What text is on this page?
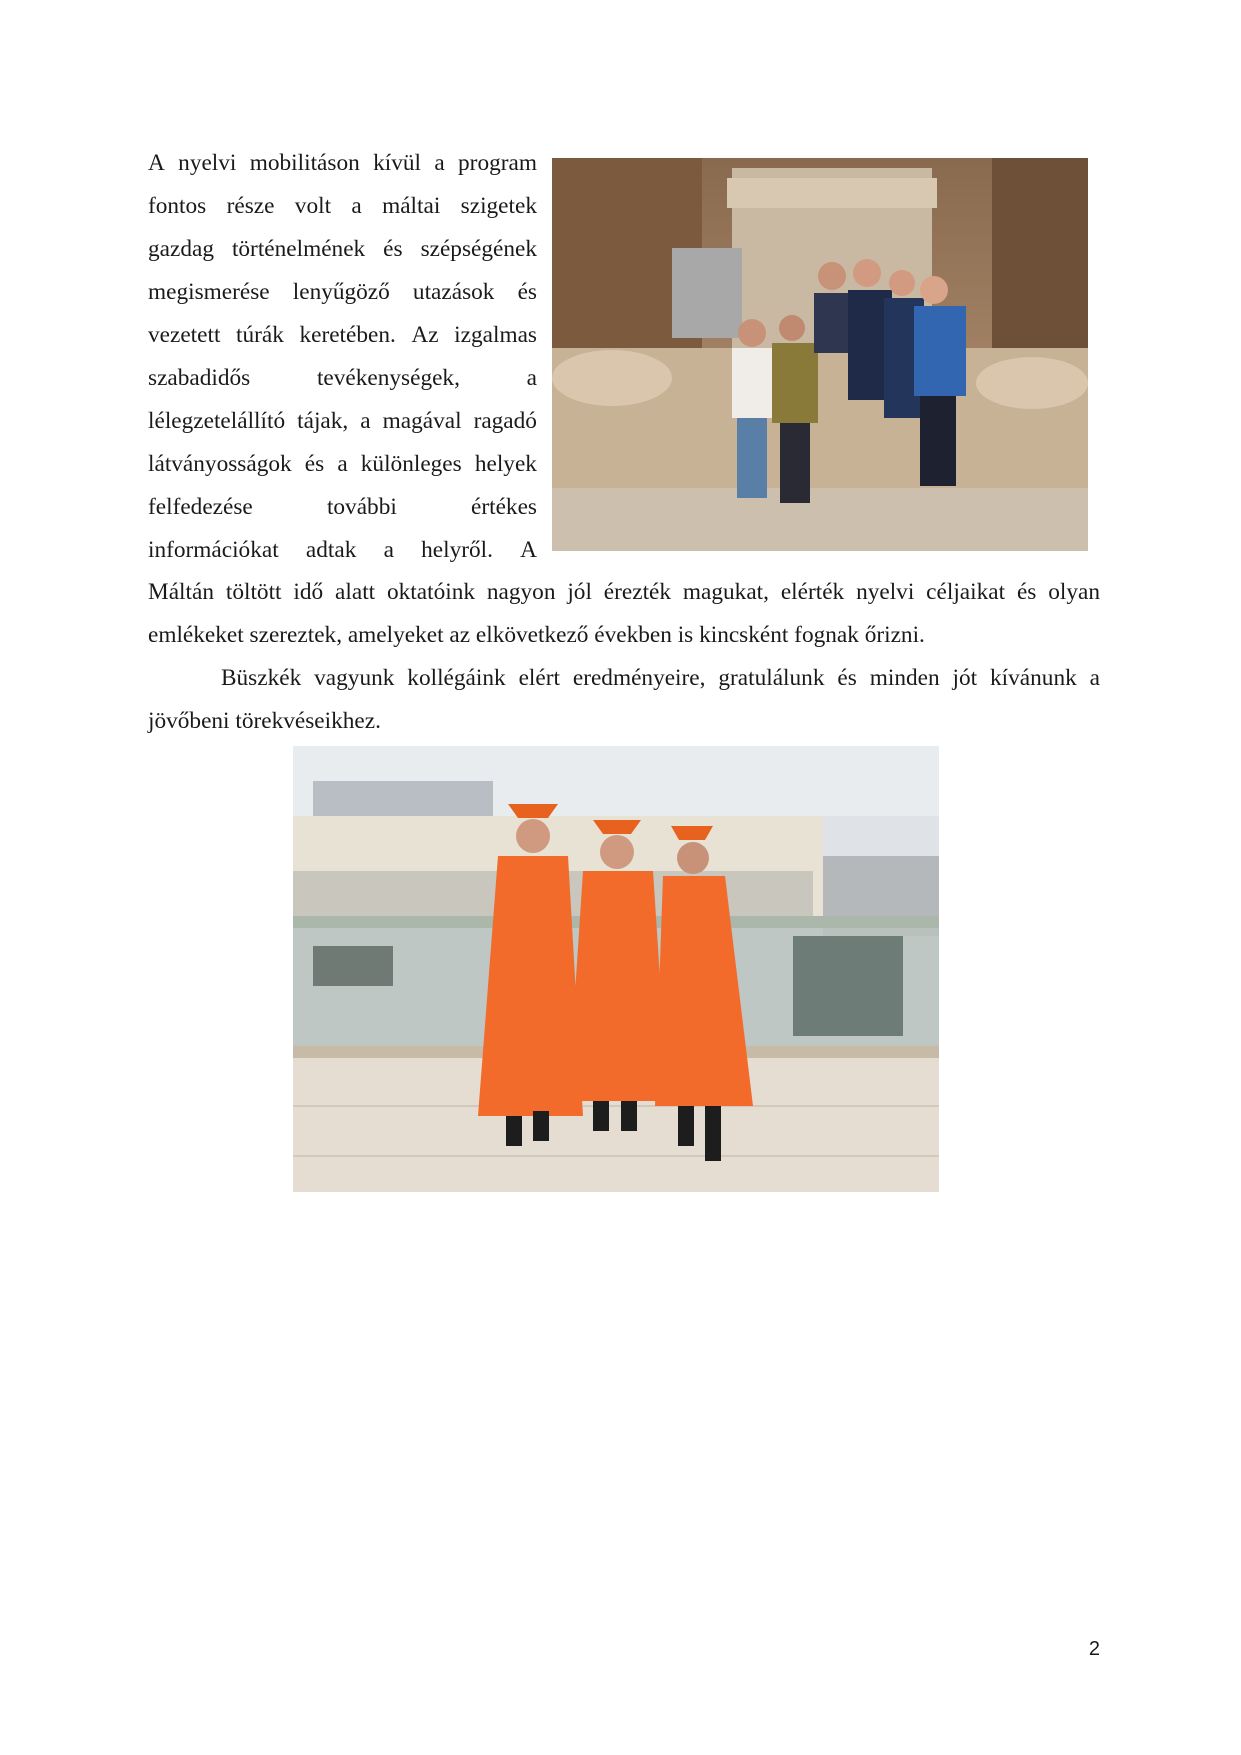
A nyelvi mobilitáson kívül a program
fontos része volt a máltai szigetek
gazdag történelmének és szépségének
megismerése lenyűgöző utazások és
vezetett túrák keretében. Az izgalmas
szabadidős	tevékenységek,	a
lélegzetelállító tájak, a magával ragadó
látványosságok és a különleges helyek
felfedezése	további	értékes
információkat adtak a helyről. A
Máltán töltött idő alatt oktatóink nagyon jól érezték magukat, elérték nyelvi céljaikat és olyan
emlékeket szereztek, amelyeket az elkövetkező években is kincsként fognak őrizni.
Büszkék vagyunk kollégáink elért eredményeire, gratulálunk és minden jót kívánunk a
jövőbeni törekvéseikhez.
2
